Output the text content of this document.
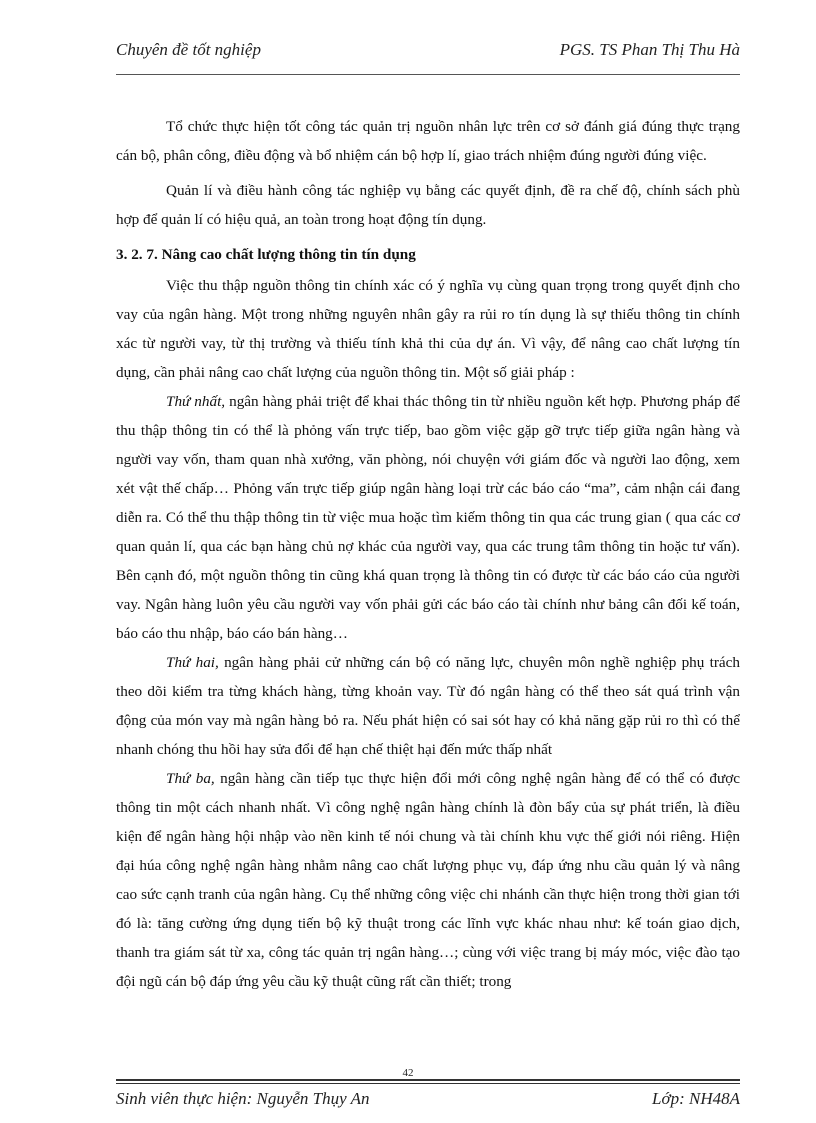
Chuyên đề tốt nghiệp	PGS. TS Phan Thị Thu Hà

Tổ chức thực hiện tốt công tác quản trị nguồn nhân lực trên cơ sở đánh giá đúng thực trạng cán bộ, phân công, điều động và bổ nhiệm cán bộ hợp lí, giao trách nhiệm đúng người đúng việc.

Quản lí và điều hành công tác nghiệp vụ bằng các quyết định, đề ra chế độ, chính sách phù hợp để quản lí có hiệu quả, an toàn trong hoạt động tín dụng.

3. 2. 7. Nâng cao chất lượng thông tin tín dụng

Việc thu thập nguồn thông tin chính xác có ý nghĩa vụ cùng quan trọng trong quyết định cho vay của ngân hàng. Một trong những nguyên nhân gây ra rủi ro tín dụng là sự thiếu thông tin chính xác từ người vay, từ thị trường và thiếu tính khả thi của dự án. Vì vậy, để nâng cao chất lượng tín dụng, cần phải nâng cao chất lượng của nguồn thông tin. Một số giải pháp :

Thứ nhất, ngân hàng phải triệt để khai thác thông tin từ nhiều nguồn kết hợp. Phương pháp để thu thập thông tin có thể là phỏng vấn trực tiếp, bao gồm việc gặp gỡ trực tiếp giữa ngân hàng và người vay vốn, tham quan nhà xưởng, văn phòng, nói chuyện với giám đốc và người lao động, xem xét vật thế chấp… Phỏng vấn trực tiếp giúp ngân hàng loại trừ các báo cáo “ma”, cảm nhận cái đang diễn ra. Có thể thu thập thông tin từ việc mua hoặc tìm kiếm thông tin qua các trung gian ( qua các cơ quan quản lí, qua các bạn hàng chủ nợ khác của người vay, qua các trung tâm thông tin hoặc tư vấn). Bên cạnh đó, một nguồn thông tin cũng khá quan trọng là thông tin có được từ các báo cáo của người vay. Ngân hàng luôn yêu cầu người vay vốn phải gửi các báo cáo tài chính như bảng cân đối kế toán, báo cáo thu nhập, báo cáo bán hàng…

Thứ hai, ngân hàng phải cử những cán bộ có năng lực, chuyên môn nghề nghiệp phụ trách theo dõi kiểm tra từng khách hàng, từng khoản vay. Từ đó ngân hàng có thể theo sát quá trình vận động của món vay mà ngân hàng bỏ ra. Nếu phát hiện có sai sót hay có khả năng gặp rủi ro thì có thể nhanh chóng thu hồi hay sửa đổi để hạn chế thiệt hại đến mức thấp nhất

Thứ ba, ngân hàng cần tiếp tục thực hiện đổi mới công nghệ ngân hàng để có thể có được thông tin một cách nhanh nhất. Vì công nghệ ngân hàng chính là đòn bẩy của sự phát triển, là điều kiện để ngân hàng hội nhập vào nền kinh tế nói chung và tài chính khu vực thế giới nói riêng. Hiện đại húa công nghệ ngân hàng nhằm nâng cao chất lượng phục vụ, đáp ứng nhu cầu quản lý và nâng cao sức cạnh tranh của ngân hàng. Cụ thể những công việc chi nhánh cần thực hiện trong thời gian tới đó là: tăng cường ứng dụng tiến bộ kỹ thuật trong các lĩnh vực khác nhau như: kế toán giao dịch, thanh tra giám sát từ xa, công tác quản trị ngân hàng…; cùng với việc trang bị máy móc, việc đào tạo đội ngũ cán bộ đáp ứng yêu cầu kỹ thuật cũng rất cần thiết; trong

42
Sinh viên thực hiện: Nguyễn Thụy An	Lớp: NH48A
